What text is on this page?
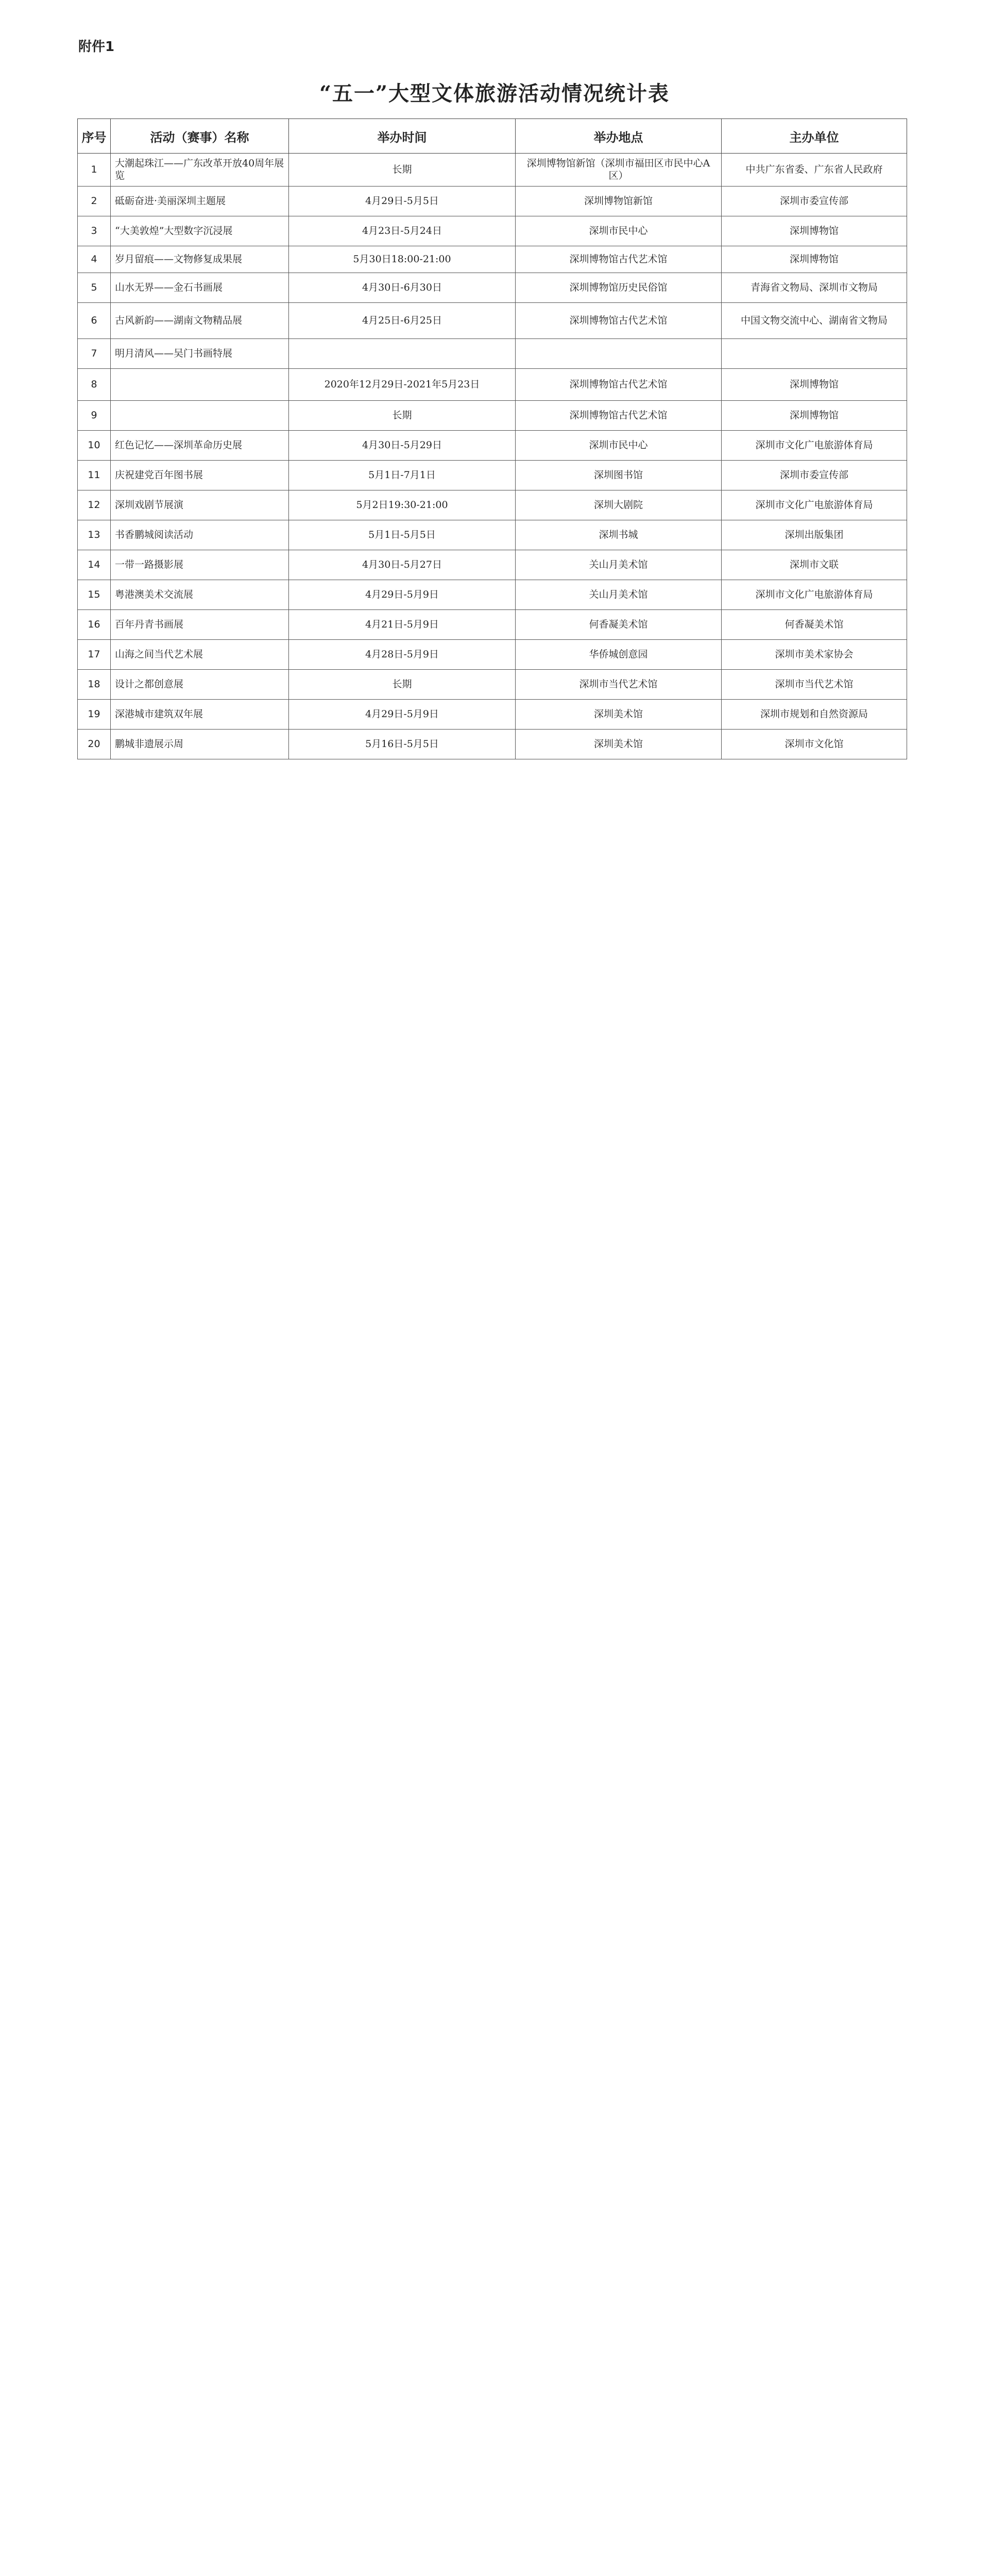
附件1
“五一”大型文体旅游活动情况统计表
序号	活动（赛事）名称	举办时间	举办地点	主办单位
1	大潮起珠江——广东改革开放40周年展览	长期	深圳博物馆新馆（深圳市福田区市民中心A区）	中共广东省委、广东省人民政府
2	砥砺奋进·美丽深圳主题展	4月29日-5月5日	深圳博物馆新馆	深圳市委宣传部
3	“大美敦煌”大型数字沉浸展	4月23日-5月24日	深圳市民中心	深圳博物馆
4	岁月留痕——文物修复成果展	5月30日18:00-21:00	深圳博物馆古代艺术馆	深圳博物馆
5	山水无界——金石书画展	4月30日-6月30日	深圳博物馆历史民俗馆	青海省文物局、深圳市文物局
6	古风新韵——湖南文物精品展	4月25日-6月25日	深圳博物馆古代艺术馆	中国文物交流中心、湖南省文物局
7	明月清风——吴门书画特展			
8		2020年12月29日-2021年5月23日	深圳博物馆古代艺术馆	深圳博物馆
9		长期	深圳博物馆古代艺术馆	深圳博物馆
10	红色记忆——深圳革命历史展	4月30日-5月29日	深圳市民中心	深圳市文化广电旅游体育局
11	庆祝建党百年图书展	5月1日-7月1日	深圳图书馆	深圳市委宣传部
12	深圳戏剧节展演	5月2日19:30-21:00	深圳大剧院	深圳市文化广电旅游体育局
13	书香鹏城阅读活动	5月1日-5月5日	深圳书城	深圳出版集团
14	一带一路摄影展	4月30日-5月27日	关山月美术馆	深圳市文联
15	粤港澳美术交流展	4月29日-5月9日	关山月美术馆	深圳市文化广电旅游体育局
16	百年丹青书画展	4月21日-5月9日	何香凝美术馆	何香凝美术馆
17	山海之间当代艺术展	4月28日-5月9日	华侨城创意园	深圳市美术家协会
18	设计之都创意展	长期	深圳市当代艺术馆	深圳市当代艺术馆
19	深港城市建筑双年展	4月29日-5月9日	深圳美术馆	深圳市规划和自然资源局
20	鹏城非遗展示周	5月16日-5月5日	深圳美术馆	深圳市文化馆
